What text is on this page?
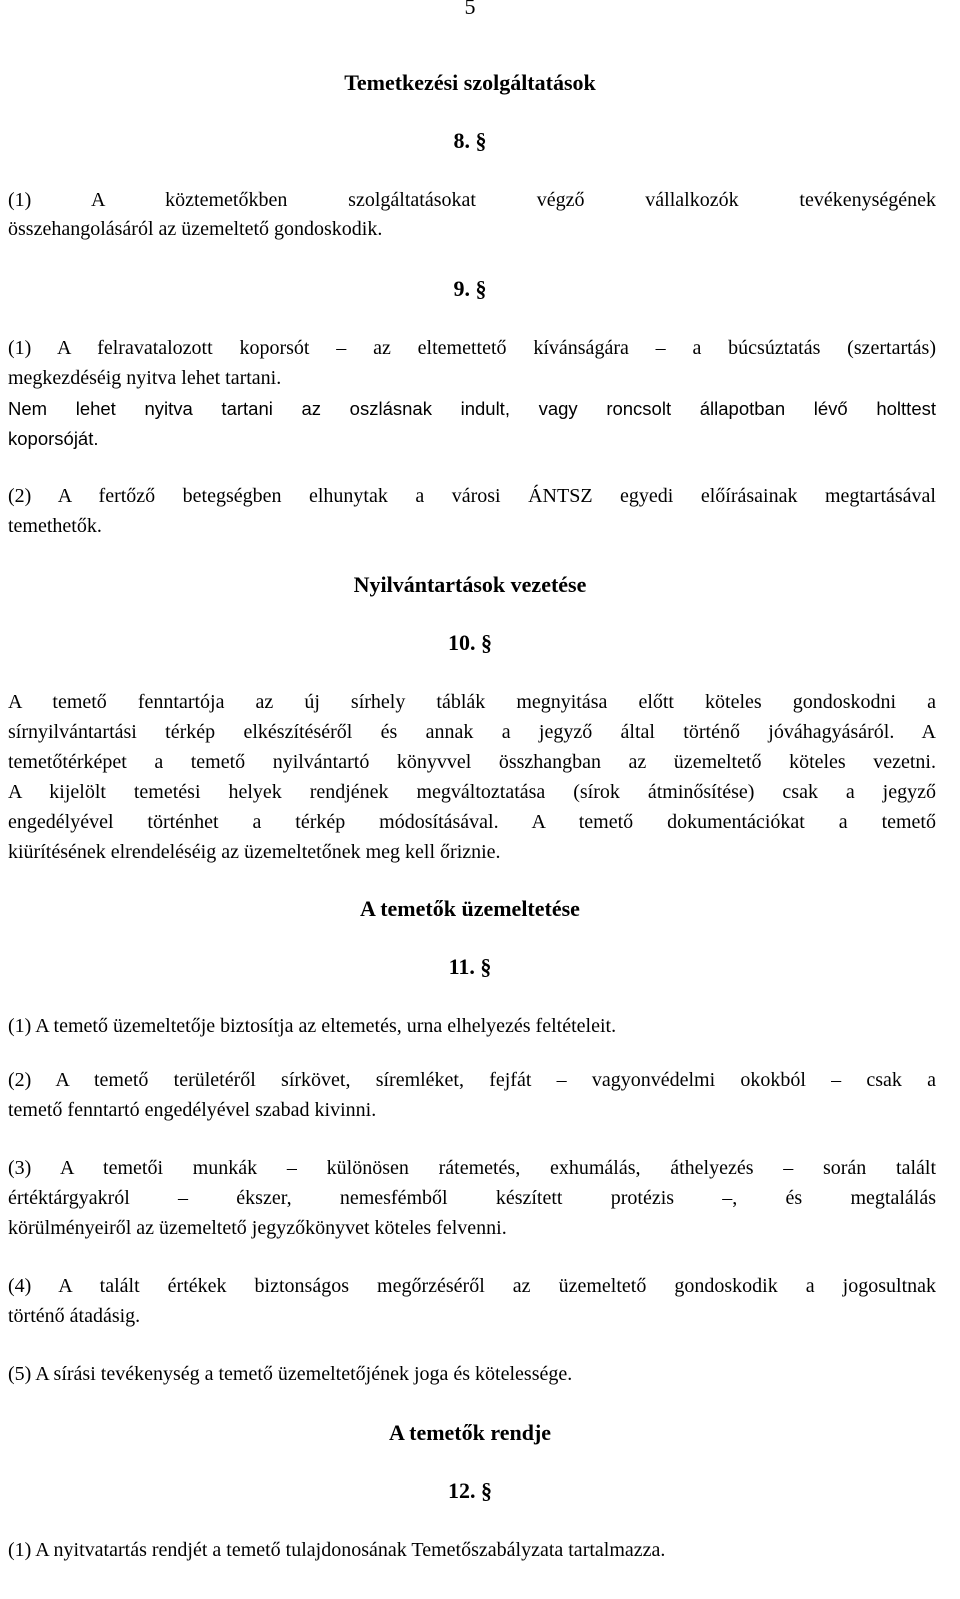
5
Temetkezési szolgáltatások
8. §
(1) A köztemetőkben szolgáltatásokat végző vállalkozók tevékenységének
összehangolásáról az üzemeltető gondoskodik.
9. §
(1) A felravatalozott koporsót – az eltemettető kívánságára – a búcsúztatás (szertartás)
megkezdéséig nyitva lehet tartani.
Nem lehet nyitva tartani az oszlásnak indult, vagy roncsolt állapotban lévő holttest
koporsóját.
(2) A fertőző betegségben elhunytak a városi ÁNTSZ egyedi előírásainak megtartásával
temethetők.
Nyilvántartások vezetése
10. §
A temető fenntartója az új sírhely táblák megnyitása előtt köteles gondoskodni a
sírnyilvántartási térkép elkészítéséről és annak a jegyző által történő jóváhagyásáról. A
temetőtérképet a temető nyilvántartó könyvvel összhangban az üzemeltető köteles vezetni.
A kijelölt temetési helyek rendjének megváltoztatása (sírok átminősítése) csak a jegyző
engedélyével történhet a térkép módosításával. A temető dokumentációkat a temető
kiürítésének elrendeléséig az üzemeltetőnek meg kell őriznie.
A temetők üzemeltetése
11. §
(1) A temető üzemeltetője biztosítja az eltemetés, urna elhelyezés feltételeit.
(2) A temető területéről sírkövet, síremléket, fejfát – vagyonvédelmi okokból – csak a
temető fenntartó engedélyével szabad kivinni.
(3) A temetői munkák – különösen rátemetés, exhumálás, áthelyezés – során talált
értéktárgyakról – ékszer, nemesfémből készített protézis –, és megtalálás
körülményeiről az üzemeltető jegyzőkönyvet köteles felvenni.
(4) A talált értékek biztonságos megőrzéséről az üzemeltető gondoskodik a jogosultnak
történő átadásig.
(5) A sírási tevékenység a temető üzemeltetőjének joga és kötelessége.
A temetők rendje
12. §
(1) A nyitvatartás rendjét a temető tulajdonosának Temetőszabályzata tartalmazza.
